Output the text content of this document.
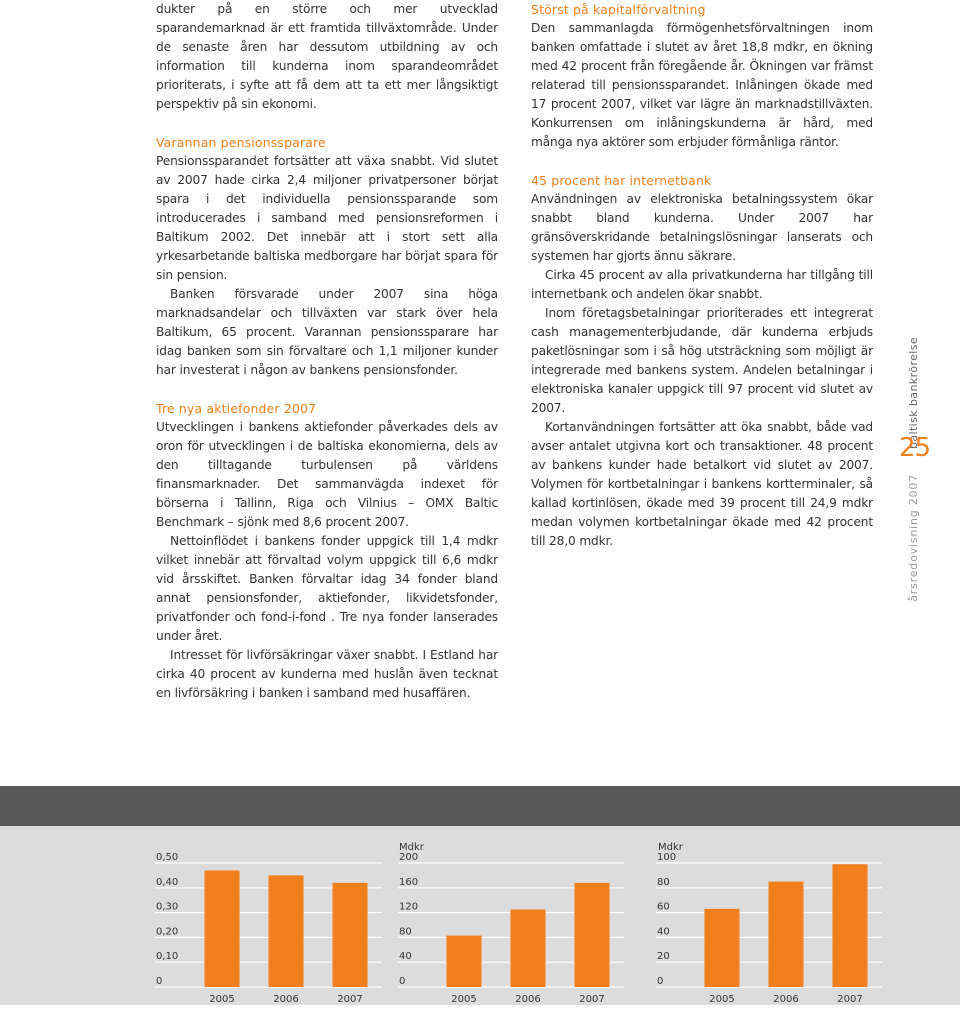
dukter på en större och mer utvecklad sparandemarknad är ett framtida tillväxtområde. Under de senaste åren har dessutom utbildning av och information till kunderna inom sparandeområdet prioriterats, i syfte att få dem att ta ett mer långsiktigt perspektiv på sin ekonomi.

Varannan pensionssparare

Pensionssparandet fortsätter att växa snabbt. Vid slutet av 2007 hade cirka 2,4 miljoner privatpersoner börjat spara i det individuella pensionssparande som introducerades i samband med pensionsreformen i Baltikum 2002. Det innebär att i stort sett alla yrkesarbetande baltiska medborgare har börjat spara för sin pension.

Banken försvarade under 2007 sina höga marknadsandelar och tillväxten var stark över hela Baltikum, 65 procent. Varannan pensionssparare har idag banken som sin förvaltare och 1,1 miljoner kunder har investerat i någon av bankens pensionsfonder.

Tre nya aktiefonder 2007

Utvecklingen i bankens aktiefonder påverkades dels av oron för utvecklingen i de baltiska ekonomierna, dels av den tilltagande turbulensen på världens finansmarknader. Det sammanvägda indexet för börserna i Tallinn, Riga och Vilnius – OMX Baltic Benchmark – sjönk med 8,6 procent 2007.

Nettoinflödet i bankens fonder uppgick till 1,4 mdkr vilket innebär att förvaltad volym uppgick till 6,6 mdkr vid årsskiftet. Banken förvaltar idag 34 fonder bland annat pensionsfonder, aktiefonder, likvidetsfonder, privatfonder och fond-i-fond . Tre nya fonder lanserades under året.

Intresset för livförsäkringar växer snabbt. I Estland har cirka 40 procent av kunderna med huslån även tecknat en livförsäkring i banken i samband med husaffären.

Störst på kapitalförvaltning

Den sammanlagda förmögenhetsförvaltningen inom banken omfattade i slutet av året 18,8 mdkr, en ökning med 42 procent från föregående år. Ökningen var främst relaterad till pensionssparandet. Inlåningen ökade med 17 procent 2007, vilket var lägre än marknadstillväxten. Konkurrensen om inlåningskunderna är hård, med många nya aktörer som erbjuder förmånliga räntor.

45 procent har internetbank

Användningen av elektroniska betalningssystem ökar snabbt bland kunderna. Under 2007 har gränsöverskridande betalningslösningar lanserats och systemen har gjorts ännu säkrare.

Cirka 45 procent av alla privatkunderna har tillgång till internetbank och andelen ökar snabbt.

Inom företagsbetalningar prioriterades ett integrerat cash managementerbjudande, där kunderna erbjuds paketlösningar som i så hög utsträckning som möjligt är integrerade med bankens system. Andelen betalningar i elektroniska kanaler uppgick till 97 procent vid slutet av 2007.

Kortanvändningen fortsätter att öka snabbt, både vad avser antalet utgivna kort och transaktioner. 48 procent av bankens kunder hade betalkort vid slutet av 2007. Volymen för kortbetalningar i bankens kortterminaler, så kallad kortinlösen, ökade med 39 procent till 24,9 mdkr medan volymen kortbetalningar ökade med 42 procent till 28,0 mdkr.

baltisk bankrörelse
25
årsredovisning 2007
0
0,10
0,20
0,30
0,40
0,50
2005	2006	2007
Mdkr
0
40
80
120
160
200
2005	2006	2007
Mdkr
0
20
40
60
80
100
2005	2006	2007
